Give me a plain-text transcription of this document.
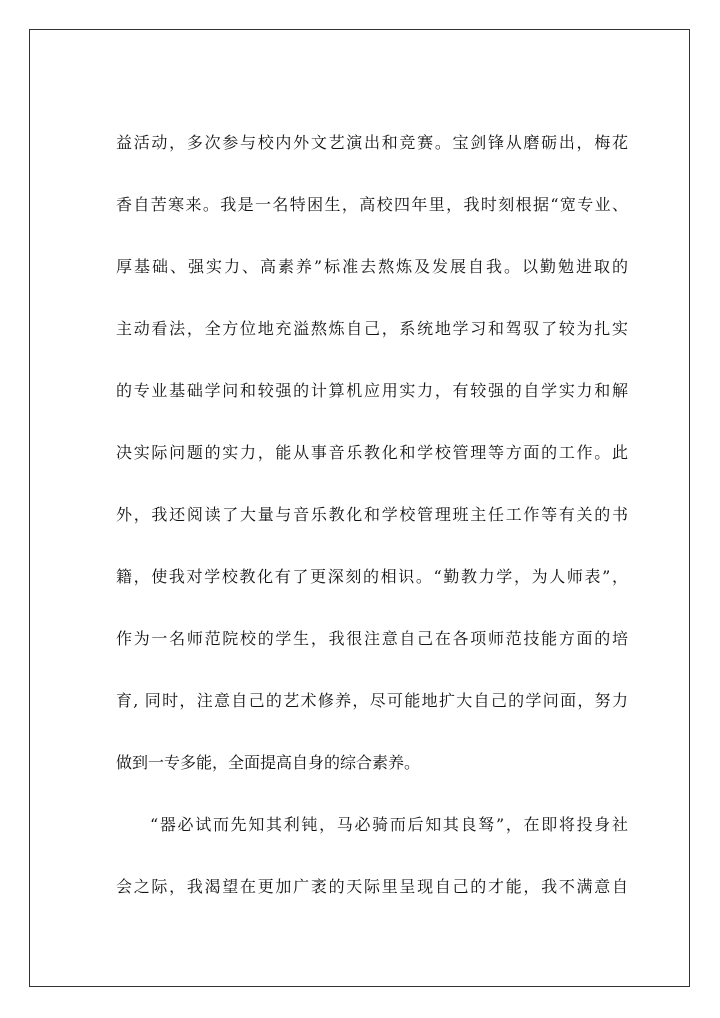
益活动，多次参与校内外文艺演出和竞赛。宝剑锋从磨砺出，梅花
香自苦寒来。我是一名特困生，高校四年里，我时刻根据“宽专业、
厚基础、强实力、高素养”标准去熬炼及发展自我。以勤勉进取的
主动看法，全方位地充溢熬炼自己，系统地学习和驾驭了较为扎实
的专业基础学问和较强的计算机应用实力，有较强的自学实力和解
决实际问题的实力，能从事音乐教化和学校管理等方面的工作。此
外，我还阅读了大量与音乐教化和学校管理班主任工作等有关的书
籍，使我对学校教化有了更深刻的相识。“勤教力学，为人师表”，
作为一名师范院校的学生，我很注意自己在各项师范技能方面的培
育, 同时，注意自己的艺术修养，尽可能地扩大自己的学问面，努力
做到一专多能，全面提高自身的综合素养。
“器必试而先知其利钝，马必骑而后知其良驽”，在即将投身社
会之际，我渴望在更加广袤的天际里呈现自己的才能，我不满意自
